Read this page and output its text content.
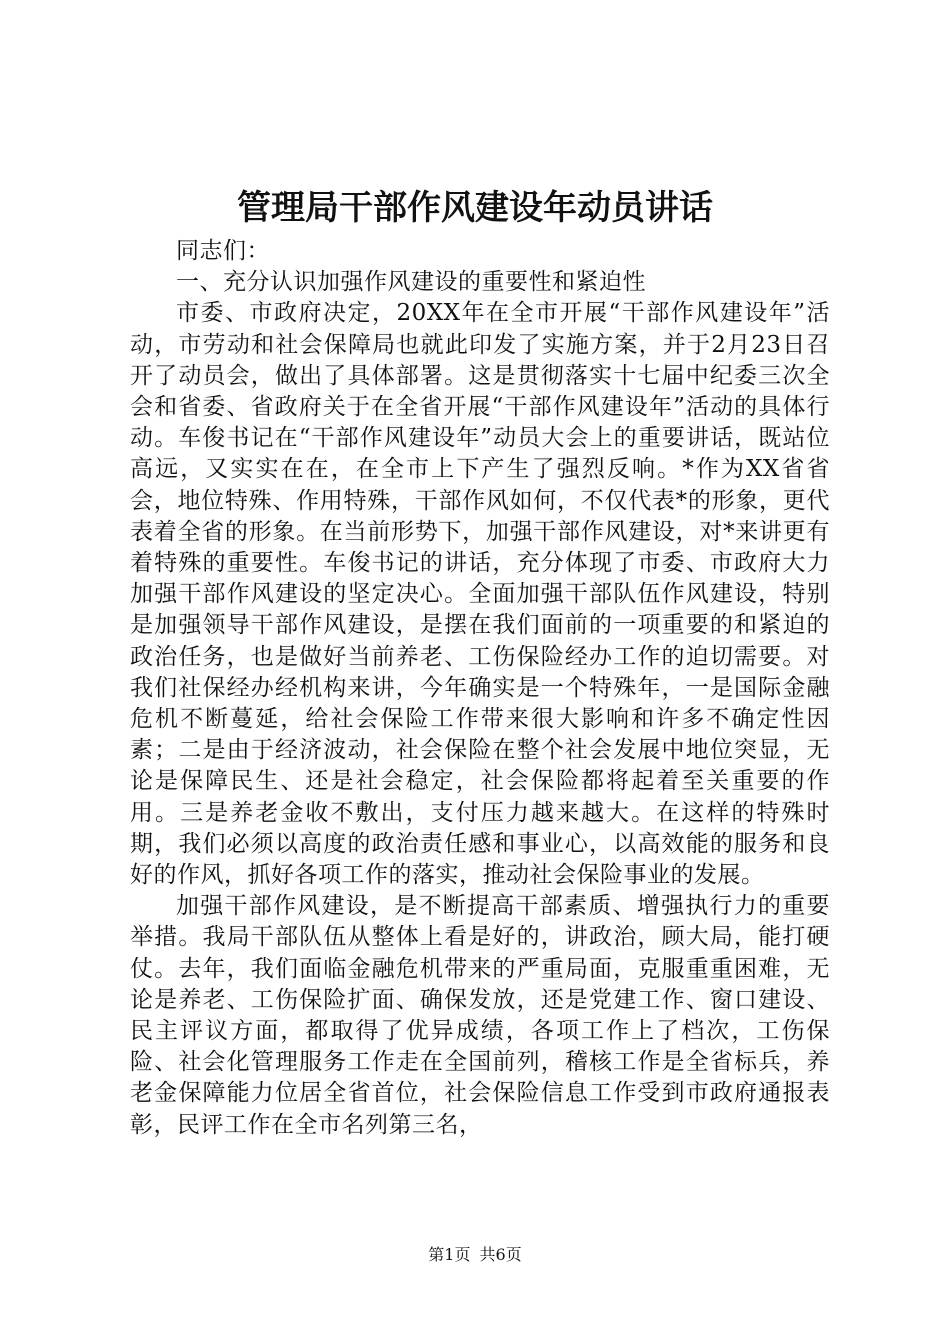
管理局干部作风建设年动员讲话

同志们：

一、充分认识加强作风建设的重要性和紧迫性

市委、市政府决定，20XX年在全市开展“干部作风建设年”活动，市劳动和社会保障局也就此印发了实施方案，并于2月23日召开了动员会，做出了具体部署。这是贯彻落实十七届中纪委三次全会和省委、省政府关于在全省开展“干部作风建设年”活动的具体行动。车俊书记在“干部作风建设年”动员大会上的重要讲话，既站位高远，又实实在在，在全市上下产生了强烈反响。*作为XX省省会，地位特殊、作用特殊，干部作风如何，不仅代表*的形象，更代表着全省的形象。在当前形势下，加强干部作风建设，对*来讲更有着特殊的重要性。车俊书记的讲话，充分体现了市委、市政府大力加强干部作风建设的坚定决心。全面加强干部队伍作风建设，特别是加强领导干部作风建设，是摆在我们面前的一项重要的和紧迫的政治任务，也是做好当前养老、工伤保险经办工作的迫切需要。对我们社保经办经机构来讲，今年确实是一个特殊年，一是国际金融危机不断蔓延，给社会保险工作带来很大影响和许多不确定性因素；二是由于经济波动，社会保险在整个社会发展中地位突显，无论是保障民生、还是社会稳定，社会保险都将起着至关重要的作用。三是养老金收不敷出，支付压力越来越大。在这样的特殊时期，我们必须以高度的政治责任感和事业心，以高效能的服务和良好的作风，抓好各项工作的落实，推动社会保险事业的发展。

加强干部作风建设，是不断提高干部素质、增强执行力的重要举措。我局干部队伍从整体上看是好的，讲政治，顾大局，能打硬仗。去年，我们面临金融危机带来的严重局面，克服重重困难，无论是养老、工伤保险扩面、确保发放，还是党建工作、窗口建设、民主评议方面，都取得了优异成绩，各项工作上了档次，工伤保险、社会化管理服务工作走在全国前列，稽核工作是全省标兵，养老金保障能力位居全省首位，社会保险信息工作受到市政府通报表彰，民评工作在全市名列第三名，

第1页 共6页
